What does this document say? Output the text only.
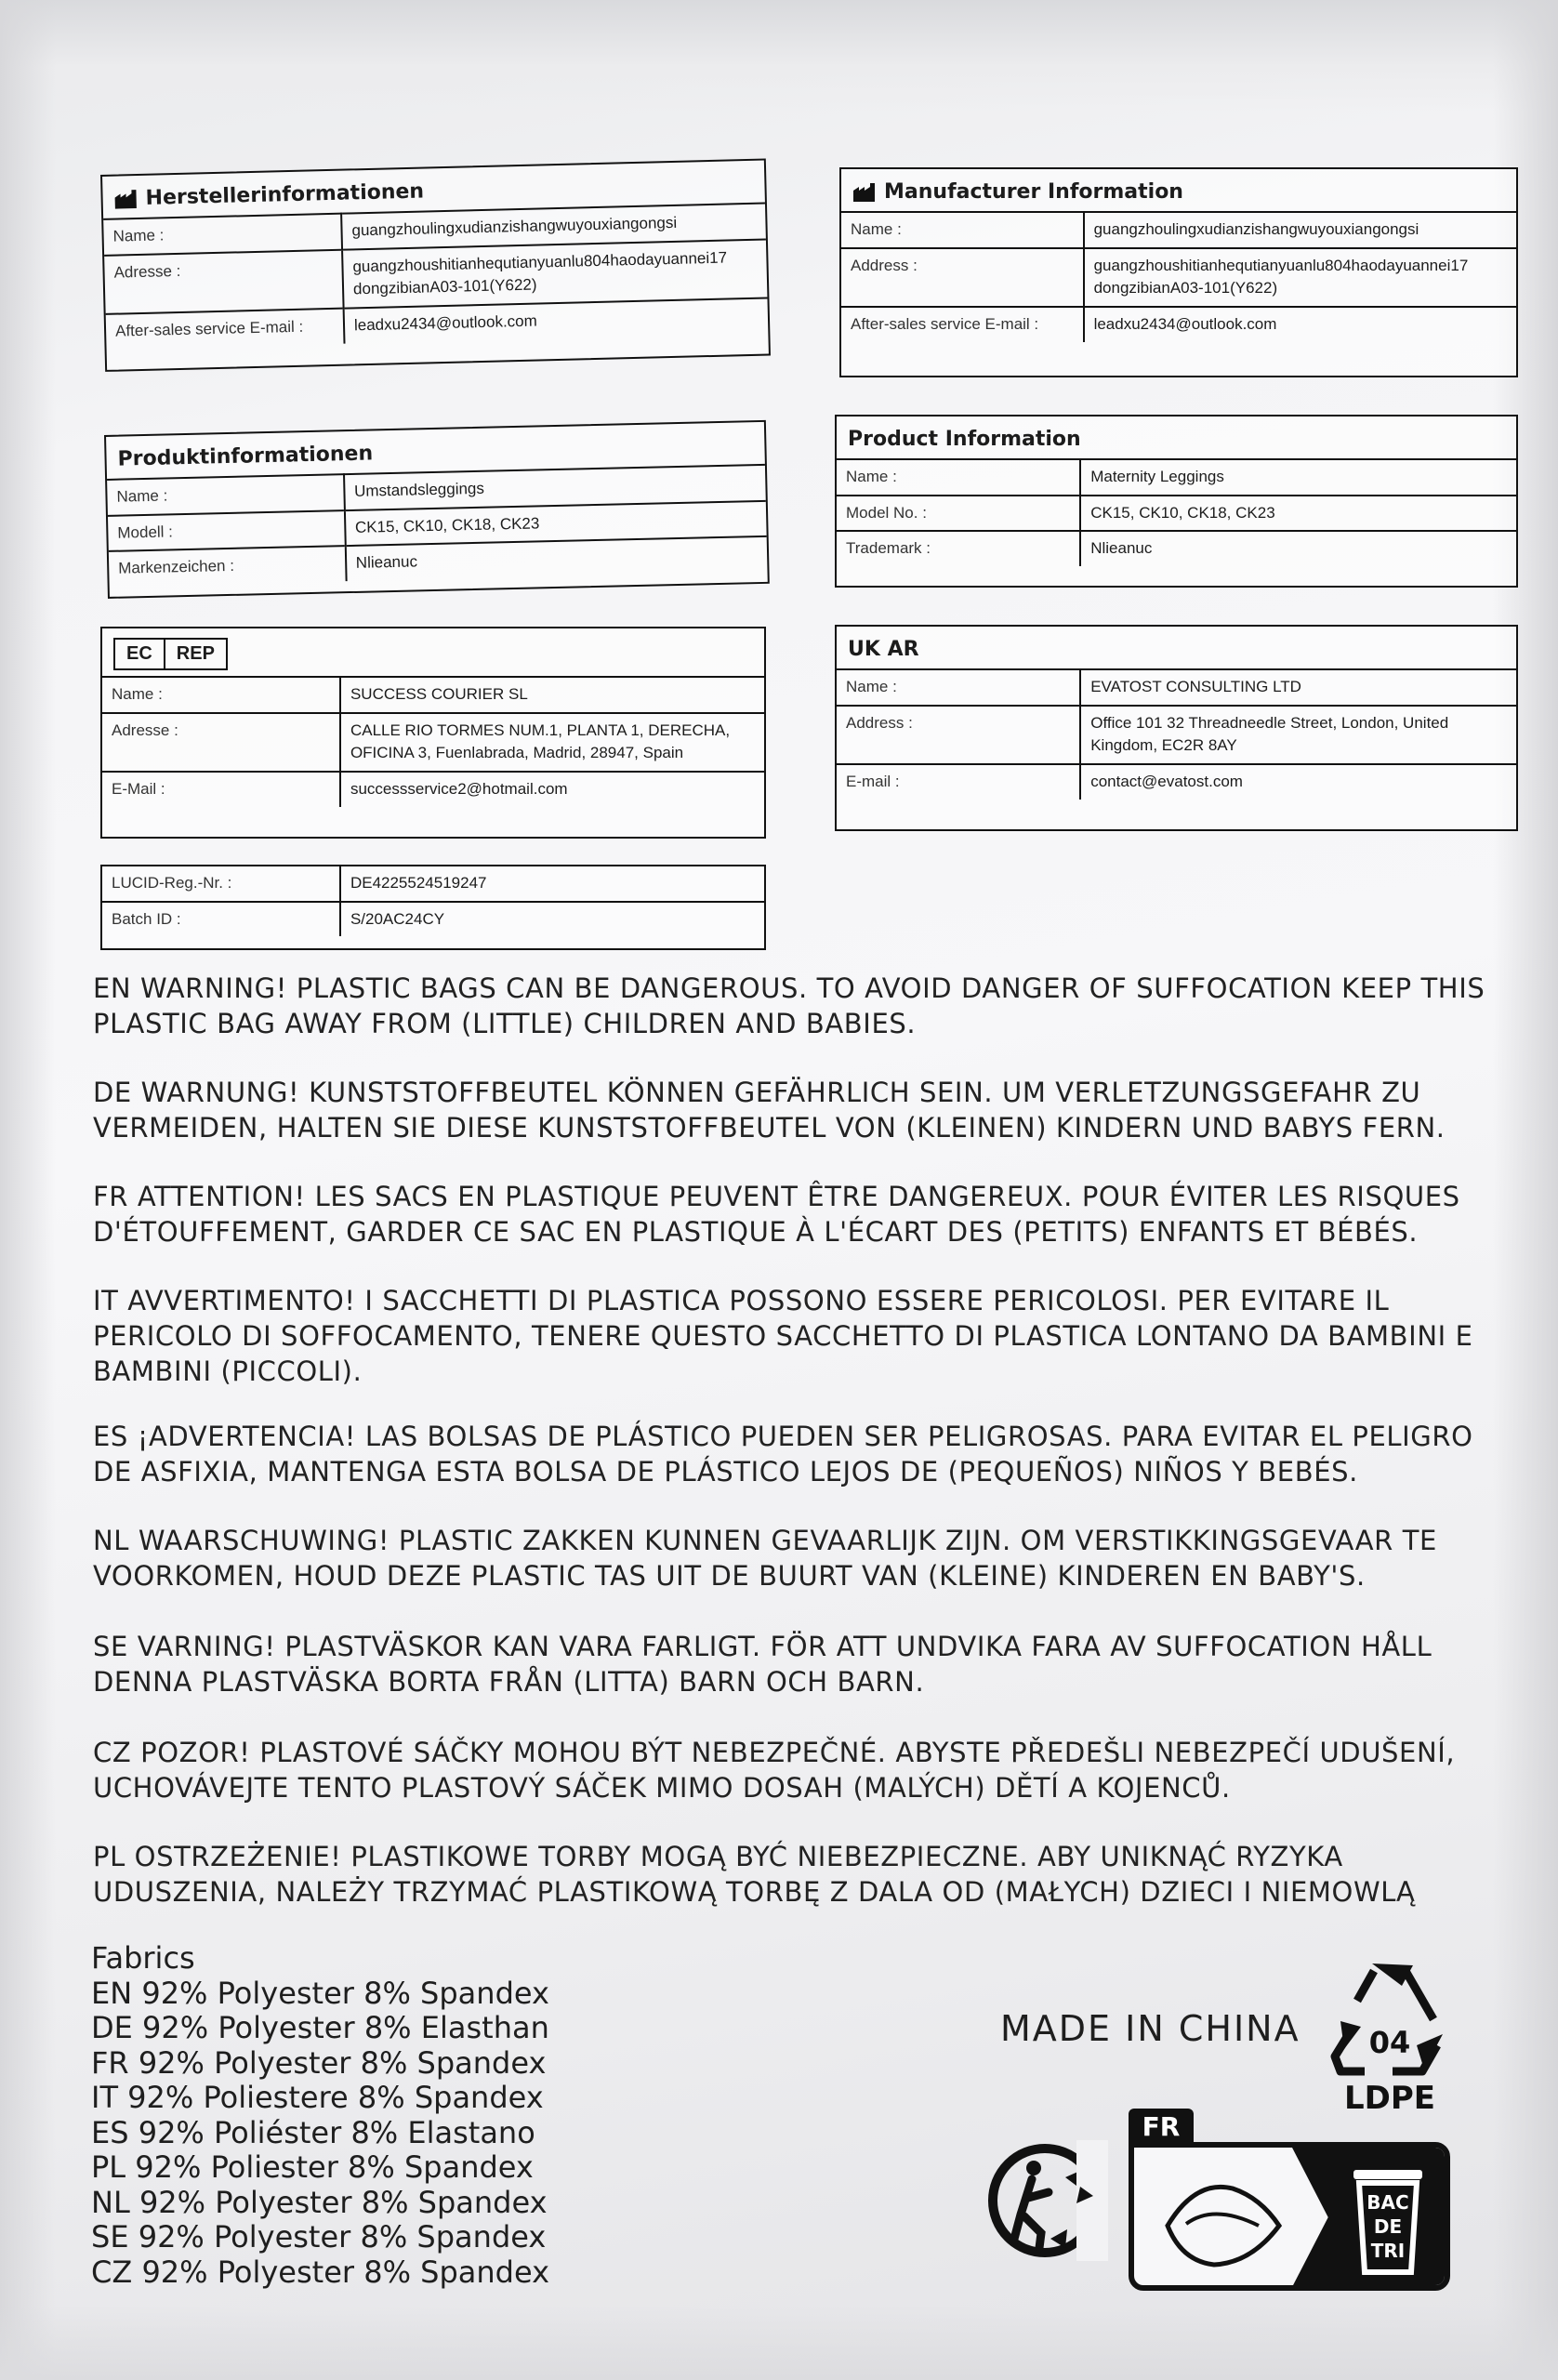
Herstellerinformationen
Name :	guangzhoulingxudianzishangwuyouxiangongsi
Adresse :	guangzhoushitianhequtianyuanlu804haodayuannei17 dongzibianA03-101(Y622)
After-sales service E-mail :	leadxu2434@outlook.com
Manufacturer Information
Name :	guangzhoulingxudianzishangwuyouxiangongsi
Address :	guangzhoushitianhequtianyuanlu804haodayuannei17 dongzibianA03-101(Y622)
After-sales service E-mail :	leadxu2434@outlook.com
Produktinformationen
Name :	Umstandsleggings
Modell :	CK15, CK10, CK18, CK23
Markenzeichen :	Nlieanuc
Product Information
Name :	Maternity Leggings
Model No. :	CK15, CK10, CK18, CK23
Trademark :	Nlieanuc
EC	REP
Name :	SUCCESS COURIER SL
Adresse :	CALLE RIO TORMES NUM.1, PLANTA 1, DERECHA, OFICINA 3, Fuenlabrada, Madrid, 28947, Spain
E-Mail :	successservice2@hotmail.com
UK AR
Name :	EVATOST CONSULTING LTD
Address :	Office 101 32 Threadneedle Street, London, United Kingdom, EC2R 8AY
E-mail :	contact@evatost.com
LUCID-Reg.-Nr. :	DE4225524519247
Batch ID :	S/20AC24CY
EN WARNING! PLASTIC BAGS CAN BE DANGEROUS. TO AVOID DANGER OF SUFFOCATION KEEP THIS PLASTIC BAG AWAY FROM (LITTLE) CHILDREN AND BABIES.
DE WARNUNG! KUNSTSTOFFBEUTEL KÖNNEN GEFÄHRLICH SEIN. UM VERLETZUNGSGEFAHR ZU VERMEIDEN, HALTEN SIE DIESE KUNSTSTOFFBEUTEL VON (KLEINEN) KINDERN UND BABYS FERN.
FR ATTENTION! LES SACS EN PLASTIQUE PEUVENT ÊTRE DANGEREUX. POUR ÉVITER LES RISQUES D'ÉTOUFFEMENT, GARDER CE SAC EN PLASTIQUE À L'ÉCART DES (PETITS) ENFANTS ET BÉBÉS.
IT AVVERTIMENTO! I SACCHETTI DI PLASTICA POSSONO ESSERE PERICOLOSI. PER EVITARE IL PERICOLO DI SOFFOCAMENTO, TENERE QUESTO SACCHETTO DI PLASTICA LONTANO DA BAMBINI E BAMBINI (PICCOLI).
ES ¡ADVERTENCIA! LAS BOLSAS DE PLÁSTICO PUEDEN SER PELIGROSAS. PARA EVITAR EL PELIGRO DE ASFIXIA, MANTENGA ESTA BOLSA DE PLÁSTICO LEJOS DE (PEQUEÑOS) NIÑOS Y BEBÉS.
NL WAARSCHUWING! PLASTIC ZAKKEN KUNNEN GEVAARLIJK ZIJN. OM VERSTIKKINGSGEVAAR TE VOORKOMEN, HOUD DEZE PLASTIC TAS UIT DE BUURT VAN (KLEINE) KINDEREN EN BABY'S.
SE VARNING! PLASTVÄSKOR KAN VARA FARLIGT. FÖR ATT UNDVIKA FARA AV SUFFOCATION HÅLL DENNA PLASTVÄSKA BORTA FRÅN (LITTA) BARN OCH BARN.
CZ POZOR! PLASTOVÉ SÁČKY MOHOU BÝT NEBEZPEČNÉ. ABYSTE PŘEDEŠLI NEBEZPEČÍ UDUŠENÍ, UCHOVÁVEJTE TENTO PLASTOVÝ SÁČEK MIMO DOSAH (MALÝCH) DĚTÍ A KOJENCŮ.
PL OSTRZEŻENIE! PLASTIKOWE TORBY MOGĄ BYĆ NIEBEZPIECZNE. ABY UNIKNĄĆ RYZYKA UDUSZENIA, NALEŻY TRZYMAĆ PLASTIKOWĄ TORBĘ Z DALA OD (MAŁYCH) DZIECI I NIEMOWLĄ
Fabrics
EN 92% Polyester 8% Spandex
DE 92% Polyester 8% Elasthan
FR 92% Polyester 8% Spandex
IT 92% Poliestere 8% Spandex
ES 92% Poliéster 8% Elastano
PL 92% Poliester 8% Spandex
NL 92% Polyester 8% Spandex
SE 92% Polyester 8% Spandex
CZ 92% Polyester 8% Spandex
MADE IN CHINA 04
LDPE
FR
BAC
DE
TRI
